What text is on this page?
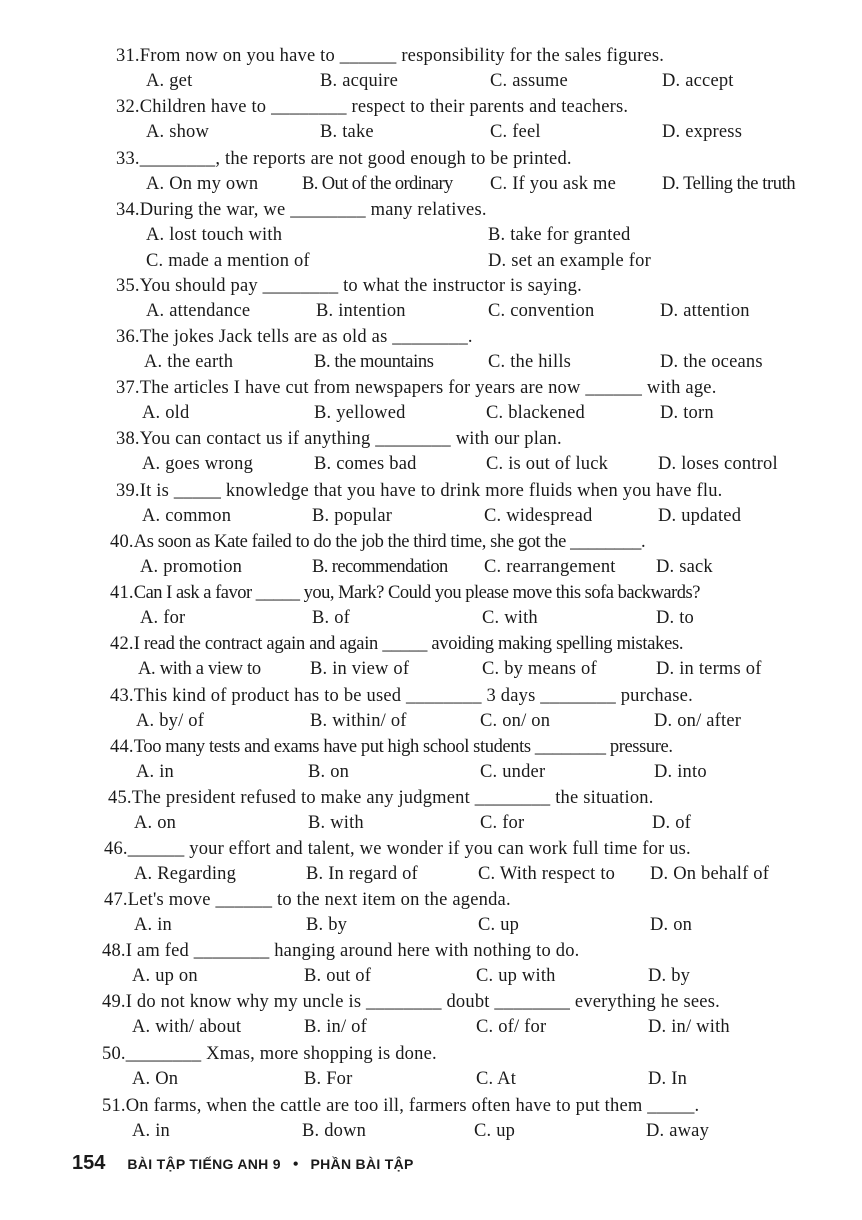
31.From now on you have to ______ responsibility for the sales figures.
A. get	B. acquire	C. assume	D. accept
32.Children have to ________ respect to their parents and teachers.
A. show	B. take	C. feel	D. express
33.________, the reports are not good enough to be printed.
A. On my own B. Out of the ordinary C. If you ask me D. Telling the truth
34.During the war, we ________ many relatives.
A. lost touch with	B. take for granted
C. made a mention of	D. set an example for
35.You should pay ________ to what the instructor is saying.
A. attendance	B. intention	C. convention	D. attention
36.The jokes Jack tells are as old as ________.
A. the earth	B. the mountains	C. the hills	D. the oceans
37.The articles I have cut from newspapers for years are now ______ with age.
A. old	B. yellowed	C. blackened	D. torn
38.You can contact us if anything ________ with our plan.
A. goes wrong	B. comes bad	C. is out of luck	D. loses control
39.It is _____ knowledge that you have to drink more fluids when you have flu.
A. common	B. popular	C. widespread	D. updated
40.As soon as Kate failed to do the job the third time, she got the ________.
A. promotion	B. recommendation C. rearrangement D. sack
41.Can I ask a favor _____ you, Mark? Could you please move this sofa backwards?
A. for	B. of	C. with	D. to
42.I read the contract again and again _____ avoiding making spelling mistakes.
A. with a view to	B. in view of	C. by means of	D. in terms of
43.This kind of product has to be used ________ 3 days ________ purchase.
A. by/ of	B. within/ of	C. on/ on	D. on/ after
44.Too many tests and exams have put high school students ________ pressure.
A. in	B. on	C. under	D. into
45.The president refused to make any judgment ________ the situation.
A. on	B. with	C. for	D. of
46.______ your effort and talent, we wonder if you can work full time for us.
A. Regarding	B. In regard of	C. With respect to D. On behalf of
47.Let's move ______ to the next item on the agenda.
A. in	B. by	C. up	D. on
48.I am fed ________ hanging around here with nothing to do.
A. up on	B. out of	C. up with	D. by
49.I do not know why my uncle is ________ doubt ________ everything he sees.
A. with/ about	B. in/ of	C. of/ for	D. in/ with
50.________ Xmas, more shopping is done.
A. On	B. For	C. At	D. In
51.On farms, when the cattle are too ill, farmers often have to put them _____.
A. in	B. down	C. up	D. away
154 BÀI TẬP TIẾNG ANH 9 • PHẦN BÀI TẬP
